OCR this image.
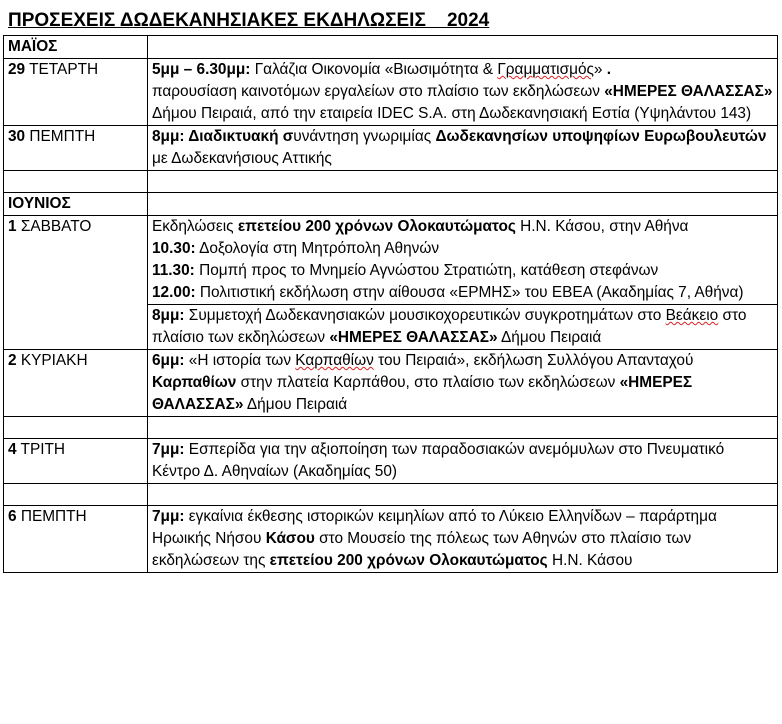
ΠΡΟΣΕΧΕΙΣ ΔΩΔΕΚΑΝΗΣΙΑΚΕΣ ΕΚΔΗΛΩΣΕΙΣ    2024
ΜΑΪΟΣ	
29 ΤΕΤΑΡΤΗ	5μμ – 6.30μμ: Γαλάζια Οικονομία «Βιωσιμότητα & Γραμματισμός» .
παρουσίαση καινοτόμων εργαλείων στο πλαίσιο των εκδηλώσεων «ΗΜΕΡΕΣ ΘΑΛΑΣΣΑΣ» Δήμου Πειραιά, από την εταιρεία IDEC S.A. στη Δωδεκανησιακή Εστία (Υψηλάντου 143)
30 ΠΕΜΠΤΗ	8μμ: Διαδικτυακή συνάντηση γνωριμίας Δωδεκανησίων υποψηφίων Ευρωβουλευτών με Δωδεκανήσιους Αττικής

ΙΟΥΝΙΟΣ	
1 ΣΑΒΒΑΤΟ	Εκδηλώσεις επετείου 200 χρόνων Ολοκαυτώματος Η.Ν. Κάσου, στην Αθήνα
10.30: Δοξολογία στη Μητρόπολη Αθηνών
11.30: Πομπή προς το Μνημείο Αγνώστου Στρατιώτη, κατάθεση στεφάνων
12.00: Πολιτιστική εκδήλωση στην αίθουσα «ΕΡΜΗΣ» του ΕΒΕΑ (Ακαδημίας 7, Αθήνα)
	8μμ: Συμμετοχή Δωδεκανησιακών μουσικοχορευτικών συγκροτημάτων στο Βεάκειο στο πλαίσιο των εκδηλώσεων «ΗΜΕΡΕΣ ΘΑΛΑΣΣΑΣ» Δήμου Πειραιά
2 ΚΥΡΙΑΚΗ	6μμ: «Η ιστορία των Καρπαθίων του Πειραιά», εκδήλωση Συλλόγου Απανταχού Καρπαθίων στην πλατεία Καρπάθου, στο πλαίσιο των εκδηλώσεων «ΗΜΕΡΕΣ ΘΑΛΑΣΣΑΣ» Δήμου Πειραιά

4 ΤΡΙΤΗ	7μμ: Εσπερίδα για την αξιοποίηση των παραδοσιακών ανεμόμυλων στο Πνευματικό Κέντρο Δ. Αθηναίων (Ακαδημίας 50)

6 ΠΕΜΠΤΗ	7μμ: εγκαίνια έκθεσης ιστορικών κειμηλίων από το Λύκειο Ελληνίδων – παράρτημα Ηρωικής Νήσου Κάσου στο Μουσείο της πόλεως των Αθηνών στο πλαίσιο των εκδηλώσεων της επετείου 200 χρόνων Ολοκαυτώματος Η.Ν. Κάσου
